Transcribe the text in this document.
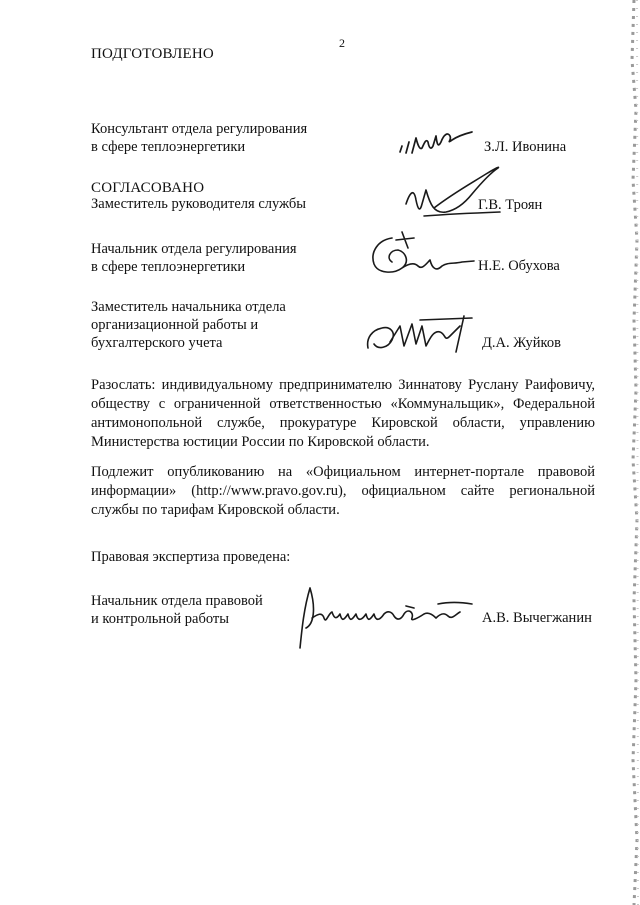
2
ПОДГОТОВЛЕНО
Консультант отдела регулирования
в сфере теплоэнергетики	З.Л. Ивонина
СОГЛАСОВАНО
Заместитель руководителя службы	Г.В. Троян
Начальник отдела регулирования
в сфере теплоэнергетики	Н.Е. Обухова
Заместитель начальника отдела
организационной работы и
бухгалтерского учета	Д.А. Жуйков
Разослать: индивидуальному предпринимателю Зиннатову Руслану Раифовичу, обществу с ограниченной ответственностью «Коммунальщик», Федеральной антимонопольной службе, прокуратуре Кировской области, управлению Министерства юстиции России по Кировской области.
Подлежит опубликованию на «Официальном интернет-портале правовой информации» (http://www.pravo.gov.ru), официальном сайте региональной службы по тарифам Кировской области.
Правовая экспертиза проведена:
Начальник отдела правовой
и контрольной работы	А.В. Вычегжанин
